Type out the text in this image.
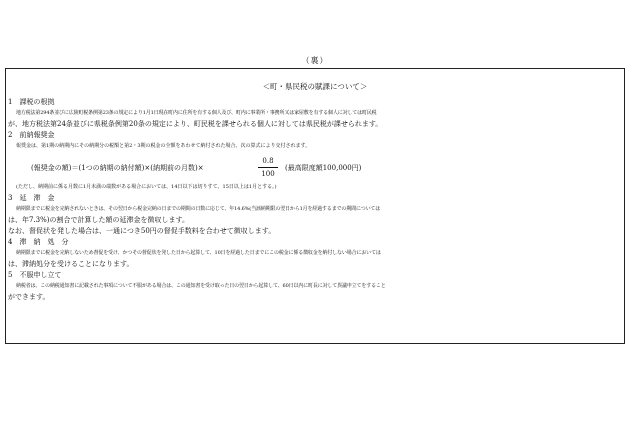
（裏）
＜町・県民税の賦課について＞
1　課税の根拠
地方税法第294条並びに広陵町税条例第23条の規定により1月1日現在町内に住所を有する個人及び、町内に事業所・事務所又は家屋敷を有する個人に対しては町民税
が、地方税法第24条並びに県税条例第20条の規定により、町民税を課せられる個人に対しては県民税が課せられます。
2　前納報奨金
報奨金は、第1期の納期内にその納期分の税額と第2・3期の税金の全額をあわせて納付された場合、次の算式により交付されます。
(報奨金の額)＝(1つの納期の納付額)×(納期前の月数)×
0.8
100
(最高限度額100,000円)
(ただし、納期前に係る月数に1月未満の端数がある場合においては、14日以下は切りすて、15日以上は1月とする。)
3　延　滞　金
納期限までに税金を完納されないときは、その翌日から税金完納の日までの期間の日数に応じて、年14.6%(当該納期限の翌日から1月を経過するまでの期間については
は、年7.3%)の割合で計算した額の延滞金を徴収します。
なお、督促状を発した場合は、一通につき50円の督促手数料を合わせて徴収します。
4　滞　納　処　分
納期限までに税金を完納しないため督促を受け、かつその督促状を発した日から起算して、10日を経過した日までにこの税金に係る徴収金を納付しない場合においては
は、滞納処分を受けることになります。
5　不服申し立て
納税者は、この納税通知書に記載された事項について不服がある場合は、この通知書を受け取った日の翌日から起算して、60日以内に町長に対して異議申立てをすること
ができます。
